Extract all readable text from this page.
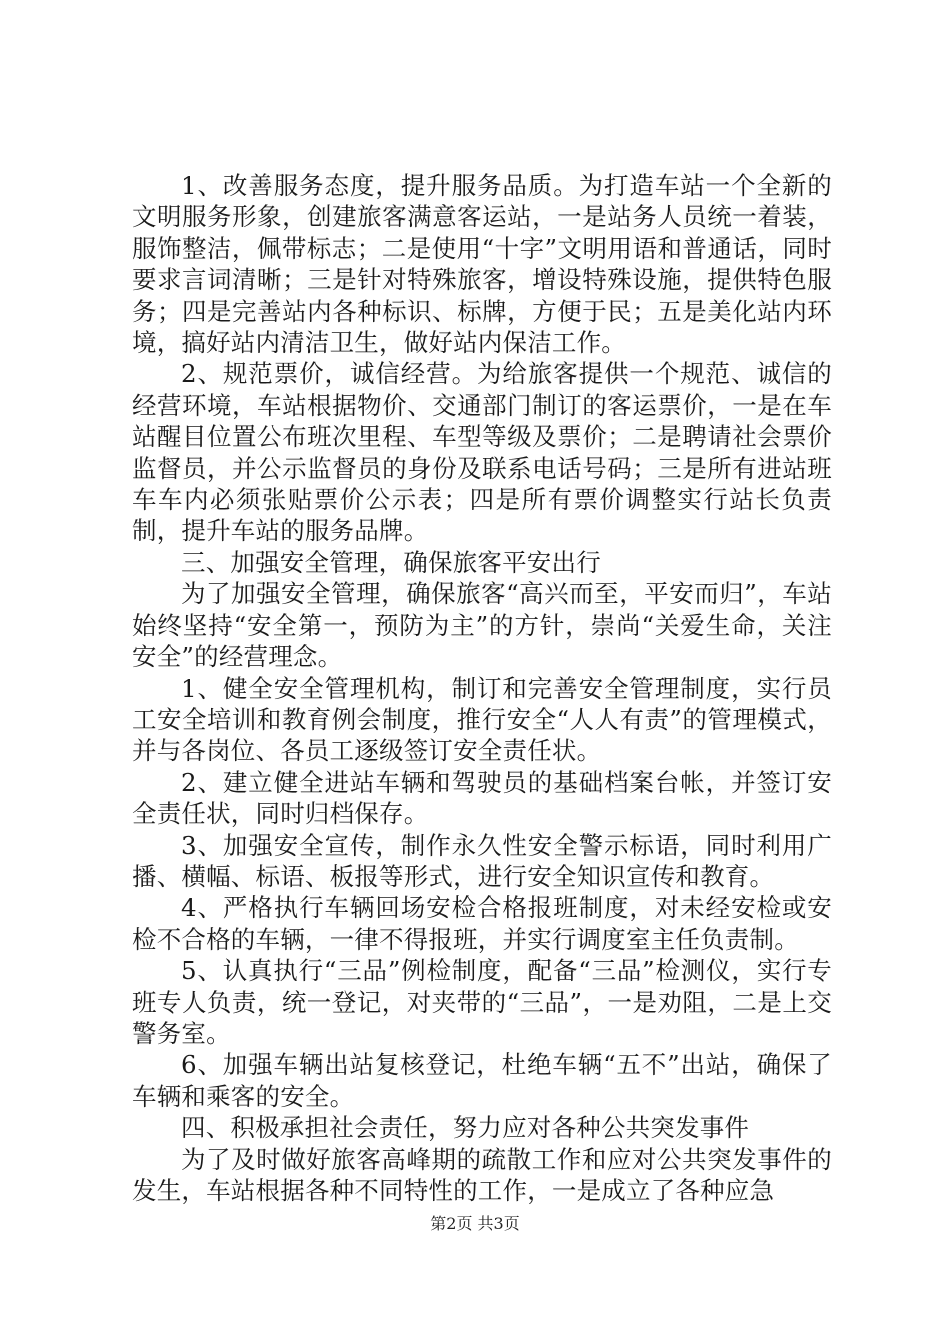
1、改善服务态度，提升服务品质。为打造车站一个全新的文明服务形象，创建旅客满意客运站，一是站务人员统一着装，服饰整洁，佩带标志；二是使用“十字”文明用语和普通话，同时要求言词清晰；三是针对特殊旅客，增设特殊设施，提供特色服务；四是完善站内各种标识、标牌，方便于民；五是美化站内环境，搞好站内清洁卫生，做好站内保洁工作。

2、规范票价，诚信经营。为给旅客提供一个规范、诚信的经营环境，车站根据物价、交通部门制订的客运票价，一是在车站醒目位置公布班次里程、车型等级及票价；二是聘请社会票价监督员，并公示监督员的身份及联系电话号码；三是所有进站班车车内必须张贴票价公示表；四是所有票价调整实行站长负责制，提升车站的服务品牌。

三、加强安全管理，确保旅客平安出行

为了加强安全管理，确保旅客“高兴而至，平安而归”，车站始终坚持“安全第一，预防为主”的方针，崇尚“关爱生命，关注安全”的经营理念。

1、健全安全管理机构，制订和完善安全管理制度，实行员工安全培训和教育例会制度，推行安全“人人有责”的管理模式，并与各岗位、各员工逐级签订安全责任状。

2、建立健全进站车辆和驾驶员的基础档案台帐，并签订安全责任状，同时归档保存。

3、加强安全宣传，制作永久性安全警示标语，同时利用广播、横幅、标语、板报等形式，进行安全知识宣传和教育。

4、严格执行车辆回场安检合格报班制度，对未经安检或安检不合格的车辆，一律不得报班，并实行调度室主任负责制。

5、认真执行“三品”例检制度，配备“三品”检测仪，实行专班专人负责，统一登记，对夹带的“三品”，一是劝阻，二是上交警务室。

6、加强车辆出站复核登记，杜绝车辆“五不”出站，确保了车辆和乘客的安全。

四、积极承担社会责任，努力应对各种公共突发事件

为了及时做好旅客高峰期的疏散工作和应对公共突发事件的发生，车站根据各种不同特性的工作，一是成立了各种应急

第2页 共3页
